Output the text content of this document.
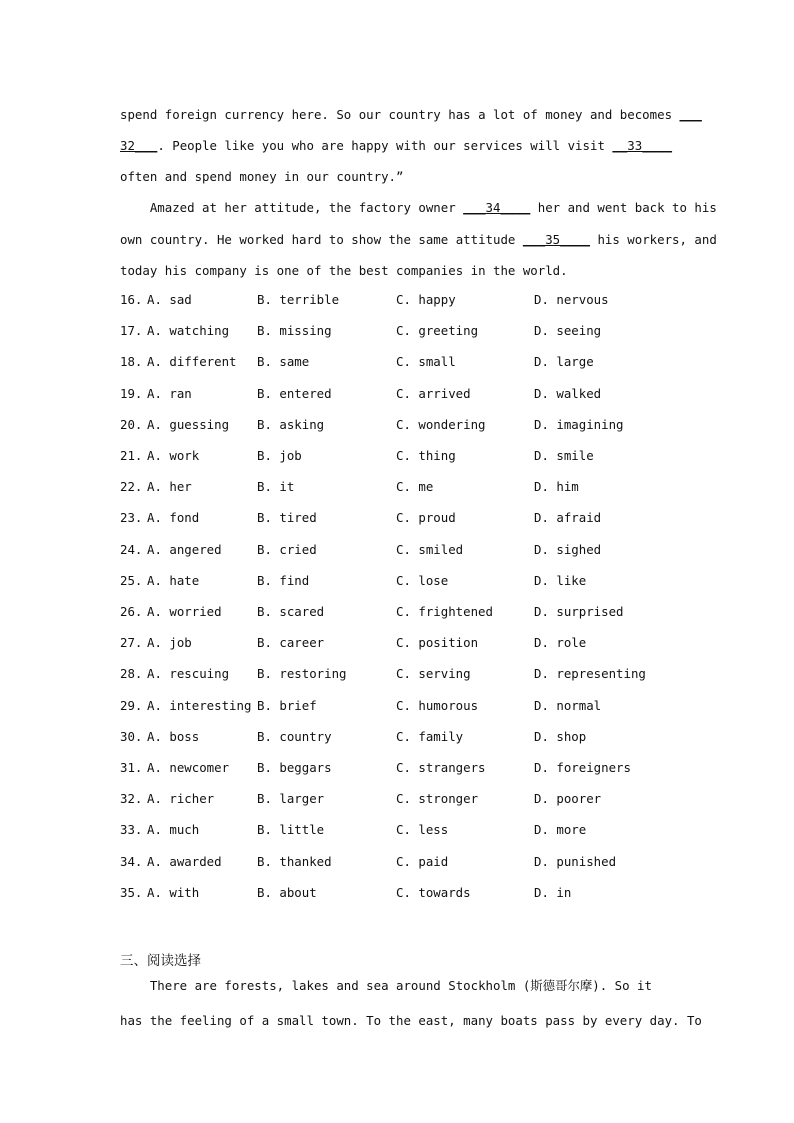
spend foreign currency here. So our country has a lot of money and becomes ___
32___. People like you who are happy with our services will visit __33____
often and spend money in our country.”
Amazed at her attitude, the factory owner ___34____ her and went back to his
own country. He worked hard to show the same attitude ___35____ his workers, and
today his company is one of the best companies in the world.
16. A. sad	B. terrible	C. happy	D. nervous
17. A. watching B. missing	C. greeting	D. seeing
18. A. different B. same	C. small	D. large
19. A. ran	B. entered	C. arrived	D. walked
20. A. guessing B. asking	C. wondering	D. imagining
21. A. work	B. job	C. thing	D. smile
22. A. her	B. it	C. me	D. him
23. A. fond	B. tired	C. proud	D. afraid
24. A. angered	B. cried	C. smiled	D. sighed
25. A. hate	B. find	C. lose	D. like
26. A. worried	B. scared	C. frightened	D. surprised
27. A. job	B. career	C. position	D. role
28. A. rescuing B. restoring	C. serving	D. representing
29. A. interesting B. brief	C. humorous	D. normal
30. A. boss	B. country	C. family	D. shop
31. A. newcomer B. beggars	C. strangers	D. foreigners
32. A. richer	B. larger	C. stronger	D. poorer
33. A. much	B. little	C. less	D. more
34. A. awarded	B. thanked	C. paid	D. punished
35. A. with	B. about	C. towards	D. in
三、阅读选择
There are forests, lakes and sea around Stockholm (斯德哥尔摩). So it
has the feeling of a small town. To the east, many boats pass by every day. To
